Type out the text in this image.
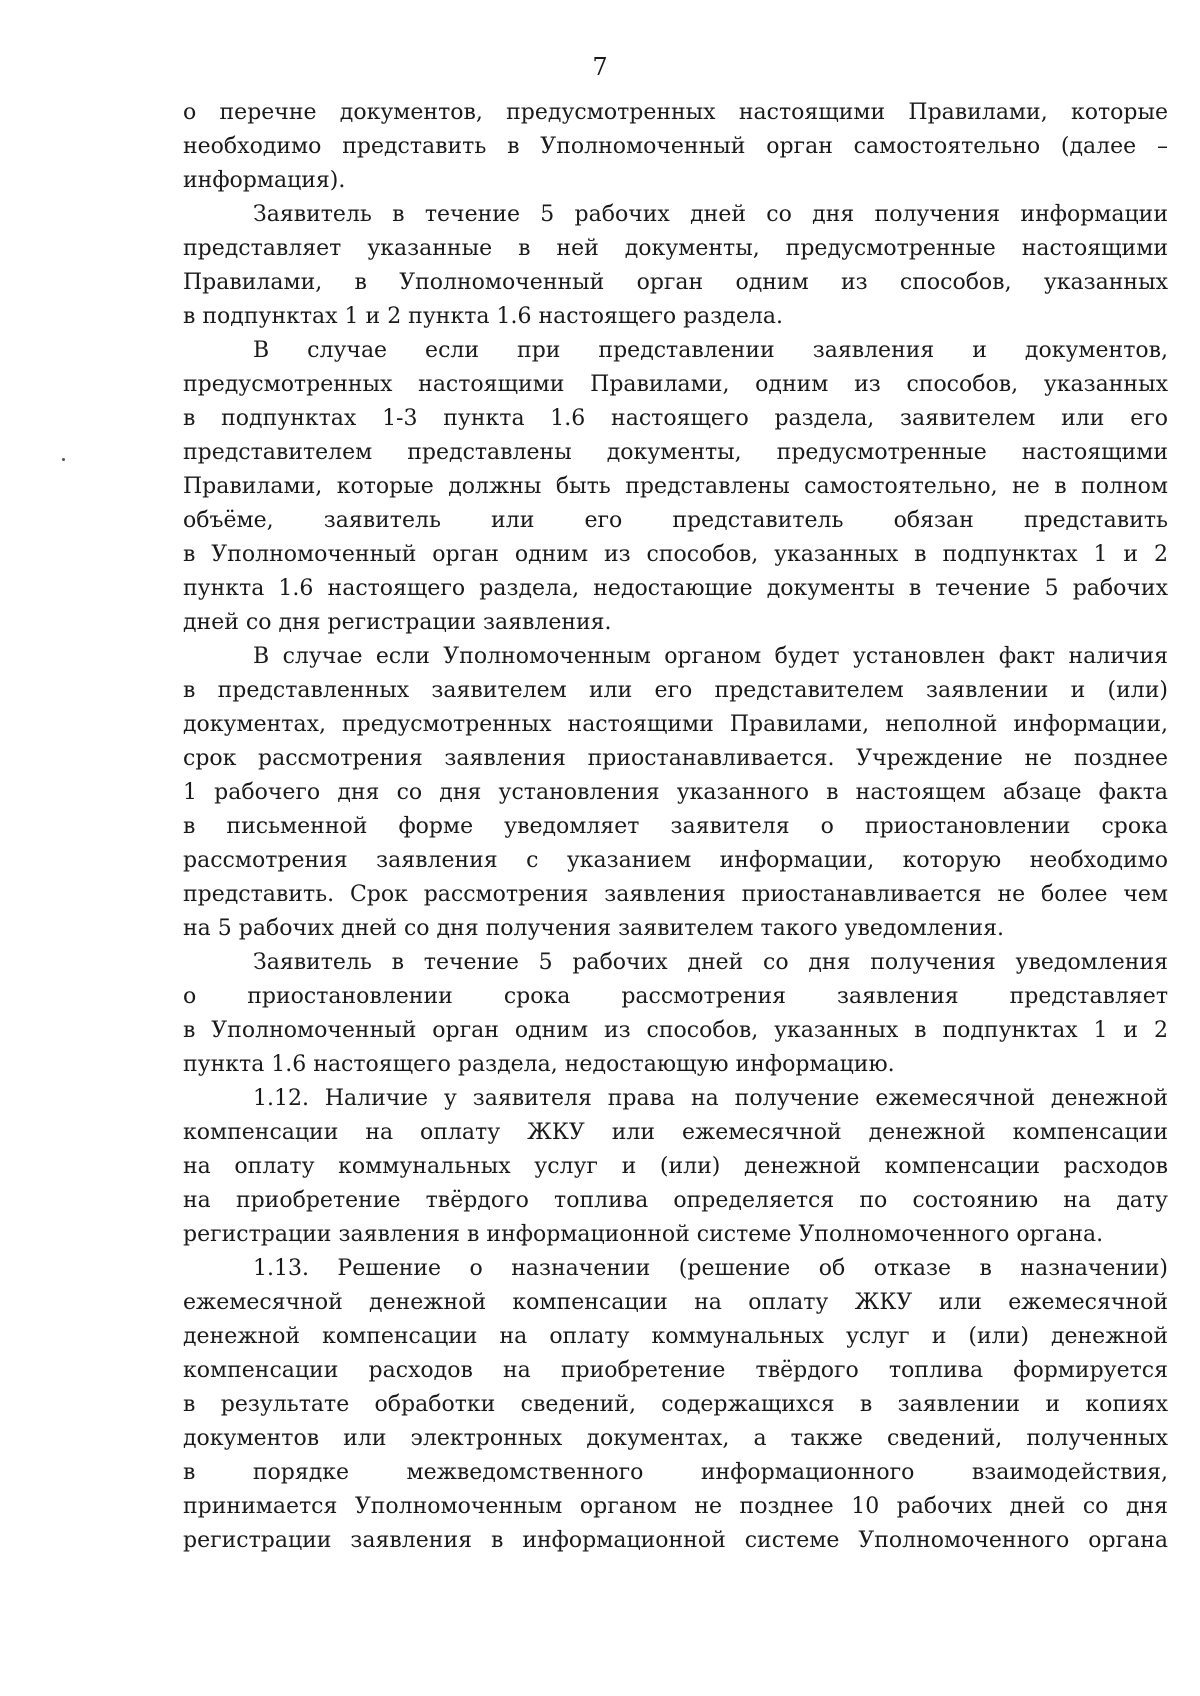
7
о перечне документов, предусмотренных настоящими Правилами, которые
необходимо представить в Уполномоченный орган самостоятельно (далее –
информация).
Заявитель в течение 5 рабочих дней со дня получения информации
представляет указанные в ней документы, предусмотренные настоящими
Правилами, в Уполномоченный орган одним из способов, указанных
в подпунктах 1 и 2 пункта 1.6 настоящего раздела.
В случае если при представлении заявления и документов,
предусмотренных настоящими Правилами, одним из способов, указанных
в подпунктах 1-3 пункта 1.6 настоящего раздела, заявителем или его
представителем представлены документы, предусмотренные настоящими
Правилами, которые должны быть представлены самостоятельно, не в полном
объёме, заявитель или его представитель обязан представить
в Уполномоченный орган одним из способов, указанных в подпунктах 1 и 2
пункта 1.6 настоящего раздела, недостающие документы в течение 5 рабочих
дней со дня регистрации заявления.
В случае если Уполномоченным органом будет установлен факт наличия
в представленных заявителем или его представителем заявлении и (или)
документах, предусмотренных настоящими Правилами, неполной информации,
срок рассмотрения заявления приостанавливается. Учреждение не позднее
1 рабочего дня со дня установления указанного в настоящем абзаце факта
в письменной форме уведомляет заявителя о приостановлении срока
рассмотрения заявления с указанием информации, которую необходимо
представить. Срок рассмотрения заявления приостанавливается не более чем
на 5 рабочих дней со дня получения заявителем такого уведомления.
Заявитель в течение 5 рабочих дней со дня получения уведомления
о приостановлении срока рассмотрения заявления представляет
в Уполномоченный орган одним из способов, указанных в подпунктах 1 и 2
пункта 1.6 настоящего раздела, недостающую информацию.
1.12. Наличие у заявителя права на получение ежемесячной денежной
компенсации на оплату ЖКУ или ежемесячной денежной компенсации
на оплату коммунальных услуг и (или) денежной компенсации расходов
на приобретение твёрдого топлива определяется по состоянию на дату
регистрации заявления в информационной системе Уполномоченного органа.
1.13. Решение о назначении (решение об отказе в назначении)
ежемесячной денежной компенсации на оплату ЖКУ или ежемесячной
денежной компенсации на оплату коммунальных услуг и (или) денежной
компенсации расходов на приобретение твёрдого топлива формируется
в результате обработки сведений, содержащихся в заявлении и копиях
документов или электронных документах, а также сведений, полученных
в порядке межведомственного информационного взаимодействия,
принимается Уполномоченным органом не позднее 10 рабочих дней со дня
регистрации заявления в информационной системе Уполномоченного органа
